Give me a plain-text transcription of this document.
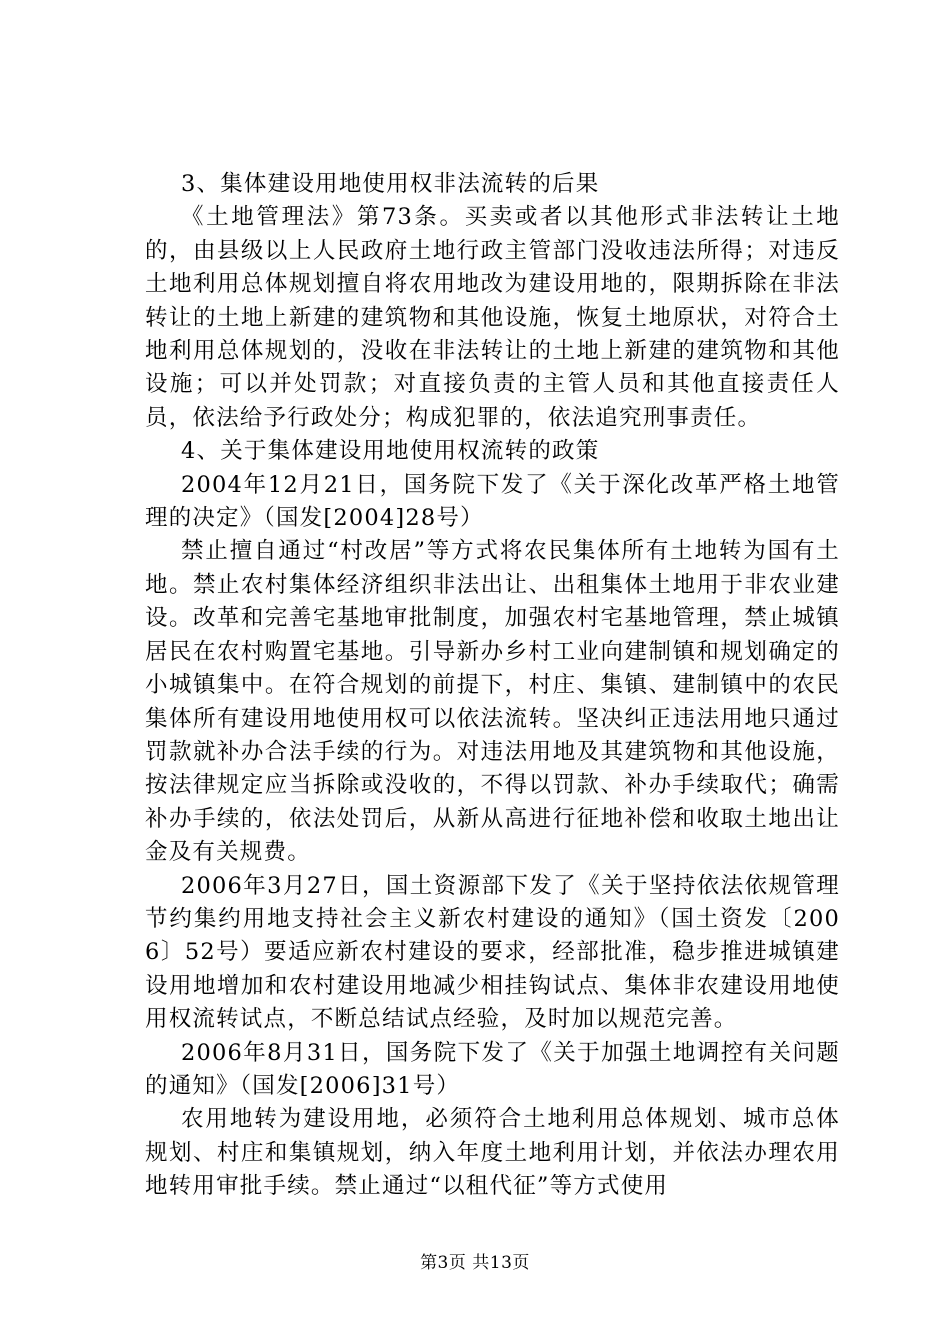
3、集体建设用地使用权非法流转的后果

《土地管理法》第73条。买卖或者以其他形式非法转让土地的，由县级以上人民政府土地行政主管部门没收违法所得；对违反土地利用总体规划擅自将农用地改为建设用地的，限期拆除在非法转让的土地上新建的建筑物和其他设施，恢复土地原状，对符合土地利用总体规划的，没收在非法转让的土地上新建的建筑物和其他设施；可以并处罚款；对直接负责的主管人员和其他直接责任人员，依法给予行政处分；构成犯罪的，依法追究刑事责任。

4、关于集体建设用地使用权流转的政策

2004年12月21日，国务院下发了《关于深化改革严格土地管理的决定》（国发[2004]28号）

禁止擅自通过“村改居”等方式将农民集体所有土地转为国有土地。禁止农村集体经济组织非法出让、出租集体土地用于非农业建设。改革和完善宅基地审批制度，加强农村宅基地管理，禁止城镇居民在农村购置宅基地。引导新办乡村工业向建制镇和规划确定的小城镇集中。在符合规划的前提下，村庄、集镇、建制镇中的农民集体所有建设用地使用权可以依法流转。坚决纠正违法用地只通过罚款就补办合法手续的行为。对违法用地及其建筑物和其他设施，按法律规定应当拆除或没收的，不得以罚款、补办手续取代；确需补办手续的，依法处罚后，从新从高进行征地补偿和收取土地出让金及有关规费。

2006年3月27日，国土资源部下发了《关于坚持依法依规管理节约集约用地支持社会主义新农村建设的通知》（国土资发〔2006〕52号）要适应新农村建设的要求，经部批准，稳步推进城镇建设用地增加和农村建设用地减少相挂钩试点、集体非农建设用地使用权流转试点，不断总结试点经验，及时加以规范完善。

2006年8月31日，国务院下发了《关于加强土地调控有关问题的通知》（国发[2006]31号）

农用地转为建设用地，必须符合土地利用总体规划、城市总体规划、村庄和集镇规划，纳入年度土地利用计划，并依法办理农用地转用审批手续。禁止通过“以租代征”等方式使用

第3页 共13页
